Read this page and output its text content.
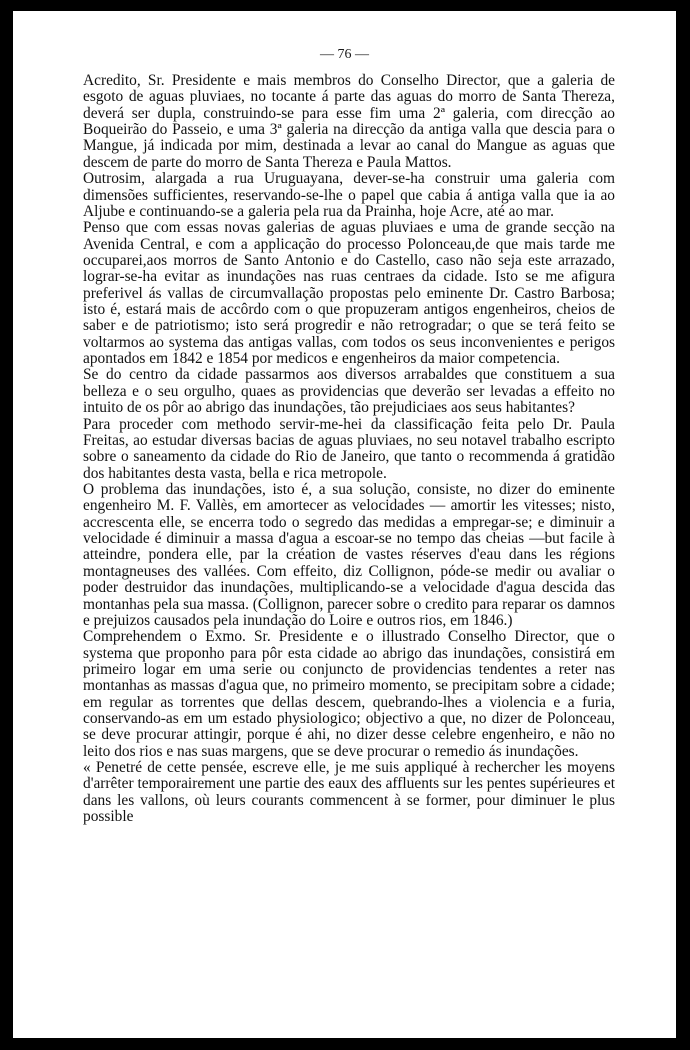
— 76 —

Acredito, Sr. Presidente e mais membros do Conselho Director, que a galeria de esgoto de aguas pluviaes, no tocante á parte das aguas do morro de Santa Thereza, deverá ser dupla, construindo-se para esse fim uma 2ª galeria, com direcção ao Boqueirão do Passeio, e uma 3ª galeria na direcção da antiga valla que descia para o Mangue, já indicada por mim, destinada a levar ao canal do Mangue as aguas que descem de parte do morro de Santa Thereza e Paula Mattos.

Outrosim, alargada a rua Uruguayana, dever-se-ha construir uma galeria com dimensões sufficientes, reservando-se-lhe o papel que cabia á antiga valla que ia ao Aljube e continuando-se a galeria pela rua da Prainha, hoje Acre, até ao mar.

Penso que com essas novas galerias de aguas pluviaes e uma de grande secção na Avenida Central, e com a applicação do processo Polonceau,de que mais tarde me occuparei,aos morros de Santo Antonio e do Castello, caso não seja este arrazado, lograr-se-ha evitar as inundações nas ruas centraes da cidade. Isto se me afigura preferivel ás vallas de circumvallação propostas pelo eminente Dr. Castro Barbosa; isto é, estará mais de accôrdo com o que propuzeram antigos engenheiros, cheios de saber e de patriotismo; isto será progredir e não retrogradar; o que se terá feito se voltarmos ao systema das antigas vallas, com todos os seus inconvenientes e perigos apontados em 1842 e 1854 por medicos e engenheiros da maior competencia.

Se do centro da cidade passarmos aos diversos arrabaldes que constituem a sua belleza e o seu orgulho, quaes as providencias que deverão ser levadas a effeito no intuito de os pôr ao abrigo das inundações, tão prejudiciaes aos seus habitantes?

Para proceder com methodo servir-me-hei da classificação feita pelo Dr. Paula Freitas, ao estudar diversas bacias de aguas pluviaes, no seu notavel trabalho escripto sobre o saneamento da cidade do Rio de Janeiro, que tanto o recommenda á gratidão dos habitantes desta vasta, bella e rica metropole.

O problema das inundações, isto é, a sua solução, consiste, no dizer do eminente engenheiro M. F. Vallès, em amortecer as velocidades — amortir les vitesses; nisto, accrescenta elle, se encerra todo o segredo das medidas a empregar-se; e diminuir a velocidade é diminuir a massa d'agua a escoar-se no tempo das cheias —but facile à atteindre, pondera elle, par la création de vastes réserves d'eau dans les régions montagneuses des vallées. Com effeito, diz Collignon, póde-se medir ou avaliar o poder destruidor das inundações, multiplicando-se a velocidade d'agua descida das montanhas pela sua massa. (Collignon, parecer sobre o credito para reparar os damnos e prejuizos causados pela inundação do Loire e outros rios, em 1846.)

Comprehendem o Exmo. Sr. Presidente e o illustrado Conselho Director, que o systema que proponho para pôr esta cidade ao abrigo das inundações, consistirá em primeiro logar em uma serie ou conjuncto de providencias tendentes a reter nas montanhas as massas d'agua que, no primeiro momento, se precipitam sobre a cidade; em regular as torrentes que dellas descem, quebrando-lhes a violencia e a furia, conservando-as em um estado physiologico; objectivo a que, no dizer de Polonceau, se deve procurar attingir, porque é ahi, no dizer desse celebre engenheiro, e não no leito dos rios e nas suas margens, que se deve procurar o remedio ás inundações.

« Penetré de cette pensée, escreve elle, je me suis appliqué à rechercher les moyens d'arrêter temporairement une partie des eaux des affluents sur les pentes supérieures et dans les vallons, où leurs courants commencent à se former, pour diminuer le plus possible
